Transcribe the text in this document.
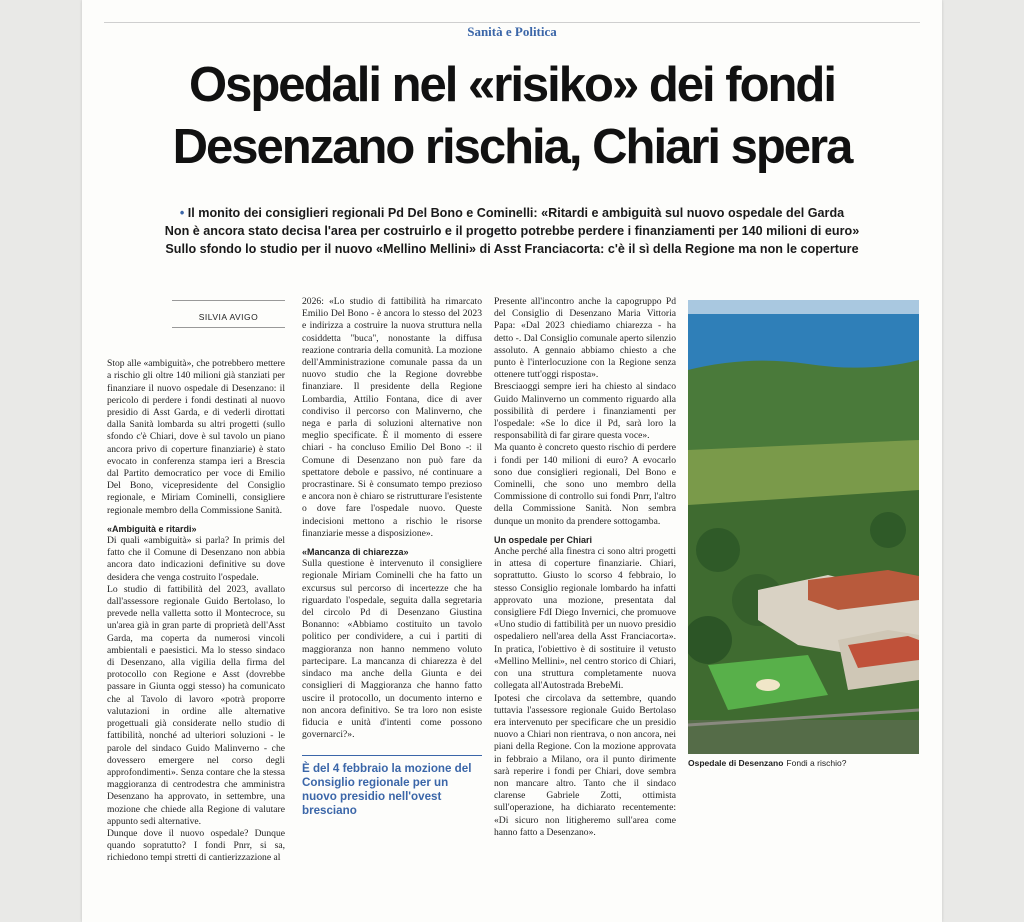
Sanità e Politica
Ospedali nel «risiko» dei fondi
Desenzano rischia, Chiari spera
• Il monito dei consiglieri regionali Pd Del Bono e Cominelli: «Ritardi e ambiguità sul nuovo ospedale del Garda
Non è ancora stato decisa l'area per costruirlo e il progetto potrebbe perdere i finanziamenti per 140 milioni di euro»
Sullo sfondo lo studio per il nuovo «Mellino Mellini» di Asst Franciacorta: c'è il sì della Regione ma non le coperture
SILVIA AVIGO

Stop alle «ambiguità», che potrebbero mettere a rischio gli oltre 140 milioni già stanziati per finanziare il nuovo ospedale di Desenzano: il pericolo di perdere i fondi destinati al nuovo presidio di Asst Garda, e di vederli dirottati dalla Sanità lombarda su altri progetti (sullo sfondo c'è Chiari, dove è sul tavolo un piano ancora privo di coperture finanziarie) è stato evocato in conferenza stampa ieri a Brescia dal Partito democratico per voce di Emilio Del Bono, vicepresidente del Consiglio regionale, e Miriam Cominelli, consigliere regionale membro della Commissione Sanità.

«Ambiguità e ritardi»

Di quali «ambiguità» si parla? In primis del fatto che il Comune di Desenzano non abbia ancora dato indicazioni definitive su dove desidera che venga costruito l'ospedale.

Lo studio di fattibilità del 2023, avallato dall'assessore regionale Guido Bertolaso, lo prevede nella valletta sotto il Montecroce, su un'area già in gran parte di proprietà dell'Asst Garda, ma coperta da numerosi vincoli ambientali e paesistici. Ma lo stesso sindaco di Desenzano, alla vigilia della firma del protocollo con Regione e Asst (dovrebbe passare in Giunta oggi stesso) ha comunicato che al Tavolo di lavoro «potrà proporre valutazioni in ordine alle alternative progettuali già considerate nello studio di fattibilità, nonché ad ulteriori soluzioni - le parole del sindaco Guido Malinverno - che dovessero emergere nel corso degli approfondimenti». Senza contare che la stessa maggioranza di centrodestra che amministra Desenzano ha approvato, in settembre, una mozione che chiede alla Regione di valutare appunto sedi alternative.

Dunque dove il nuovo ospedale? Dunque quando sopratutto? I fondi Pnrr, si sa, richiedono tempi stretti di cantierizzazione al

2026: «Lo studio di fattibilità ha rimarcato Emilio Del Bono - è ancora lo stesso del 2023 e indirizza a costruire la nuova struttura nella cosiddetta "buca", nonostante la diffusa reazione contraria della comunità. La mozione dell'Amministrazione comunale passa da un nuovo studio che la Regione dovrebbe finanziare. Il presidente della Regione Lombardia, Attilio Fontana, dice di aver condiviso il percorso con Malinverno, che nega e parla di soluzioni alternative non meglio specificate. È il momento di essere chiari - ha concluso Emilio Del Bono -: il Comune di Desenzano non può fare da spettatore debole e passivo, né continuare a procrastinare. Si è consumato tempo prezioso e ancora non è chiaro se ristrutturare l'esistente o dove fare l'ospedale nuovo. Queste indecisioni mettono a rischio le risorse finanziarie messe a disposizione».

«Mancanza di chiarezza»

Sulla questione è intervenuto il consigliere regionale Miriam Cominelli che ha fatto un excursus sul percorso di incertezze che ha riguardato l'ospedale, seguita dalla segretaria del circolo Pd di Desenzano Giustina Bonanno: «Abbiamo costituito un tavolo politico per condividere, a cui i partiti di maggioranza non hanno nemmeno voluto partecipare. La mancanza di chiarezza è del sindaco ma anche della Giunta e dei consiglieri di Maggioranza che hanno fatto uscire il protocollo, un documento interno e non ancora definitivo. Se tra loro non esiste fiducia e unità d'intenti come possono governarci?».

È del 4 febbraio la mozione del Consiglio regionale per un nuovo presidio nell'ovest bresciano

Presente all'incontro anche la capogruppo Pd del Consiglio di Desenzano Maria Vittoria Papa: «Dal 2023 chiediamo chiarezza - ha detto -. Dal Consiglio comunale aperto silenzio assoluto. A gennaio abbiamo chiesto a che punto è l'interlocuzione con la Regione senza ottenere tutt'oggi risposta».

Bresciaoggi sempre ieri ha chiesto al sindaco Guido Malinverno un commento riguardo alla possibilità di perdere i finanziamenti per l'ospedale: «Se lo dice il Pd, sarà loro la responsabilità di far girare questa voce».

Ma quanto è concreto questo rischio di perdere i fondi per 140 milioni di euro? A evocarlo sono due consiglieri regionali, Del Bono e Cominelli, che sono uno membro della Commissione di controllo sui fondi Pnrr, l'altro della Commissione Sanità. Non sembra dunque un monito da prendere sottogamba.

Un ospedale per Chiari

Anche perché alla finestra ci sono altri progetti in attesa di coperture finanziarie. Chiari, soprattutto. Giusto lo scorso 4 febbraio, lo stesso Consiglio regionale lombardo ha infatti approvato una mozione, presentata dal consigliere FdI Diego Invernici, che promuove «Uno studio di fattibilità per un nuovo presidio ospedaliero nell'area della Asst Franciacorta». In pratica, l'obiettivo è di sostituire il vetusto «Mellino Mellini», nel centro storico di Chiari, con una struttura completamente nuova collegata all'Autostrada BrebeMi.

Ipotesi che circolava da settembre, quando tuttavia l'assessore regionale Guido Bertolaso era intervenuto per specificare che un presidio nuovo a Chiari non rientrava, o non ancora, nei piani della Regione. Con la mozione approvata in febbraio a Milano, ora il punto dirimente sarà reperire i fondi per Chiari, dove sembra non mancare altro. Tanto che il sindaco clarense Gabriele Zotti, ottimista sull'operazione, ha dichiarato recentemente: «Di sicuro non litigheremo sull'area come hanno fatto a Desenzano».

Ospedale di Desenzano Fondi a rischio?
